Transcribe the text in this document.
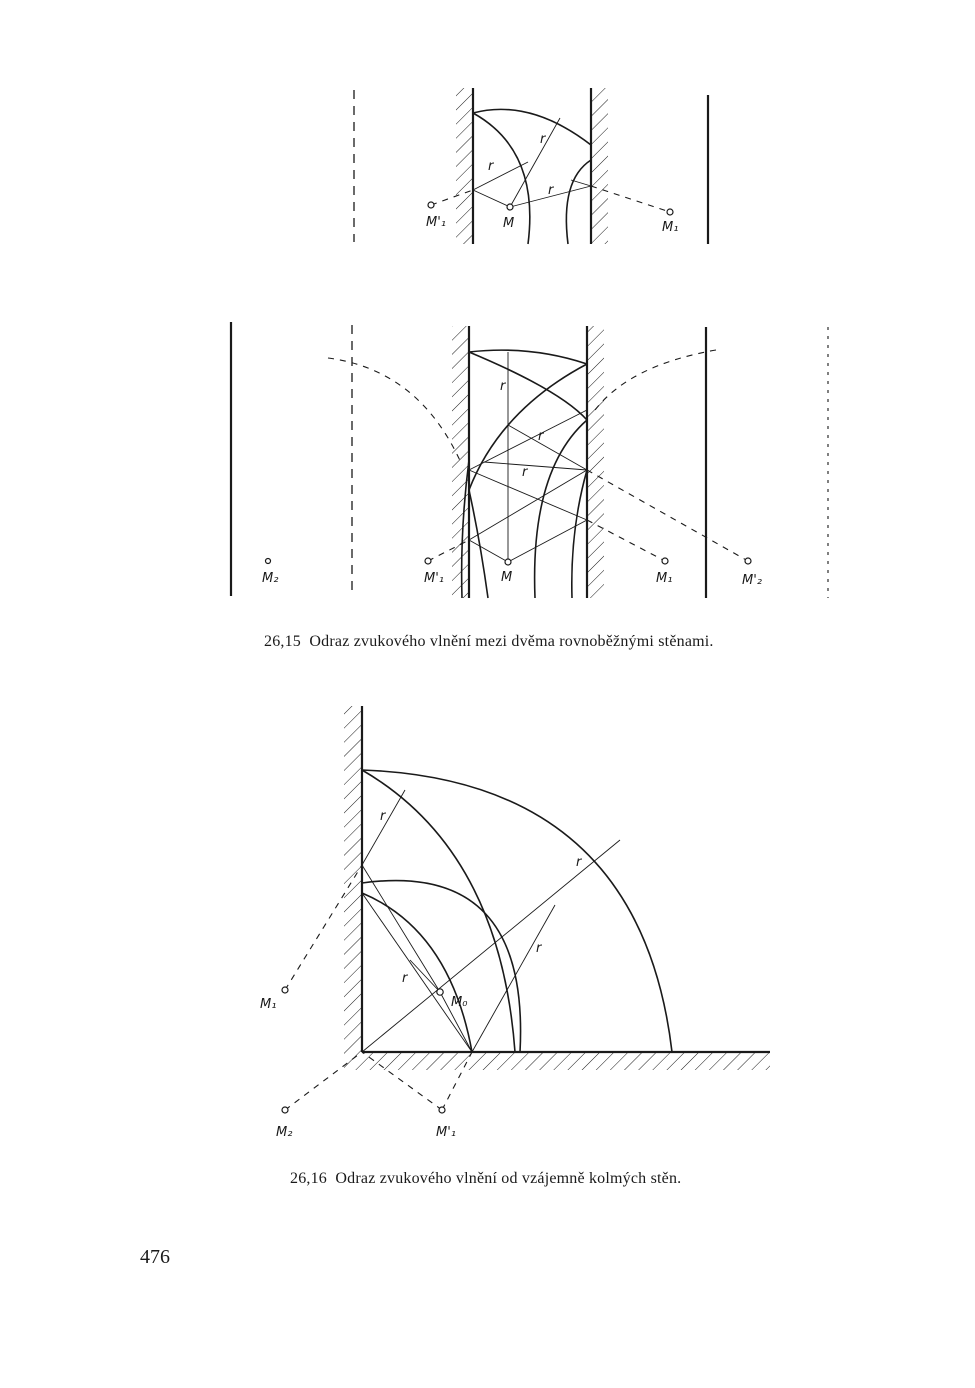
M'₁	M	M₁
r
r
r
M₂	M'₁	M	M₁	M'₂
r
r
r
26,15 Odraz zvukového vlnění mezi dvěma rovnoběžnými stěnami.
M₁	M₀
M₂	M'₁
r
r
r
r
26,16 Odraz zvukového vlnění od vzájemně kolmých stěn.
476
